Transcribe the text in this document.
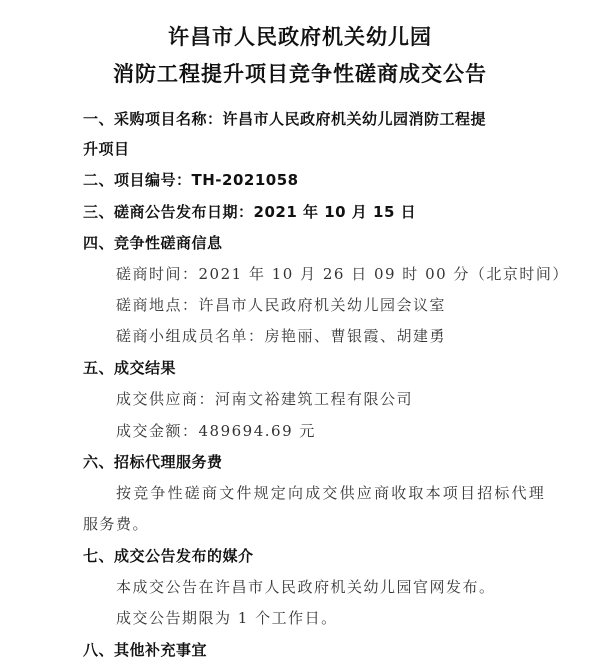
许昌市人民政府机关幼儿园
消防工程提升项目竞争性磋商成交公告
一、采购项目名称：许昌市人民政府机关幼儿园消防工程提
升项目
二、项目编号：TH-2021058
三、磋商公告发布日期：2021 年 10 月 15 日
四、竞争性磋商信息
磋商时间：2021 年 10 月 26 日 09 时 00 分（北京时间）
磋商地点：许昌市人民政府机关幼儿园会议室
磋商小组成员名单：房艳丽、曹银霞、胡建勇
五、成交结果
成交供应商：河南文裕建筑工程有限公司
成交金额：489694.69 元
六、招标代理服务费
按竞争性磋商文件规定向成交供应商收取本项目招标代理
服务费。
七、成交公告发布的媒介
本成交公告在许昌市人民政府机关幼儿园官网发布。
成交公告期限为 1 个工作日。
八、其他补充事宜
